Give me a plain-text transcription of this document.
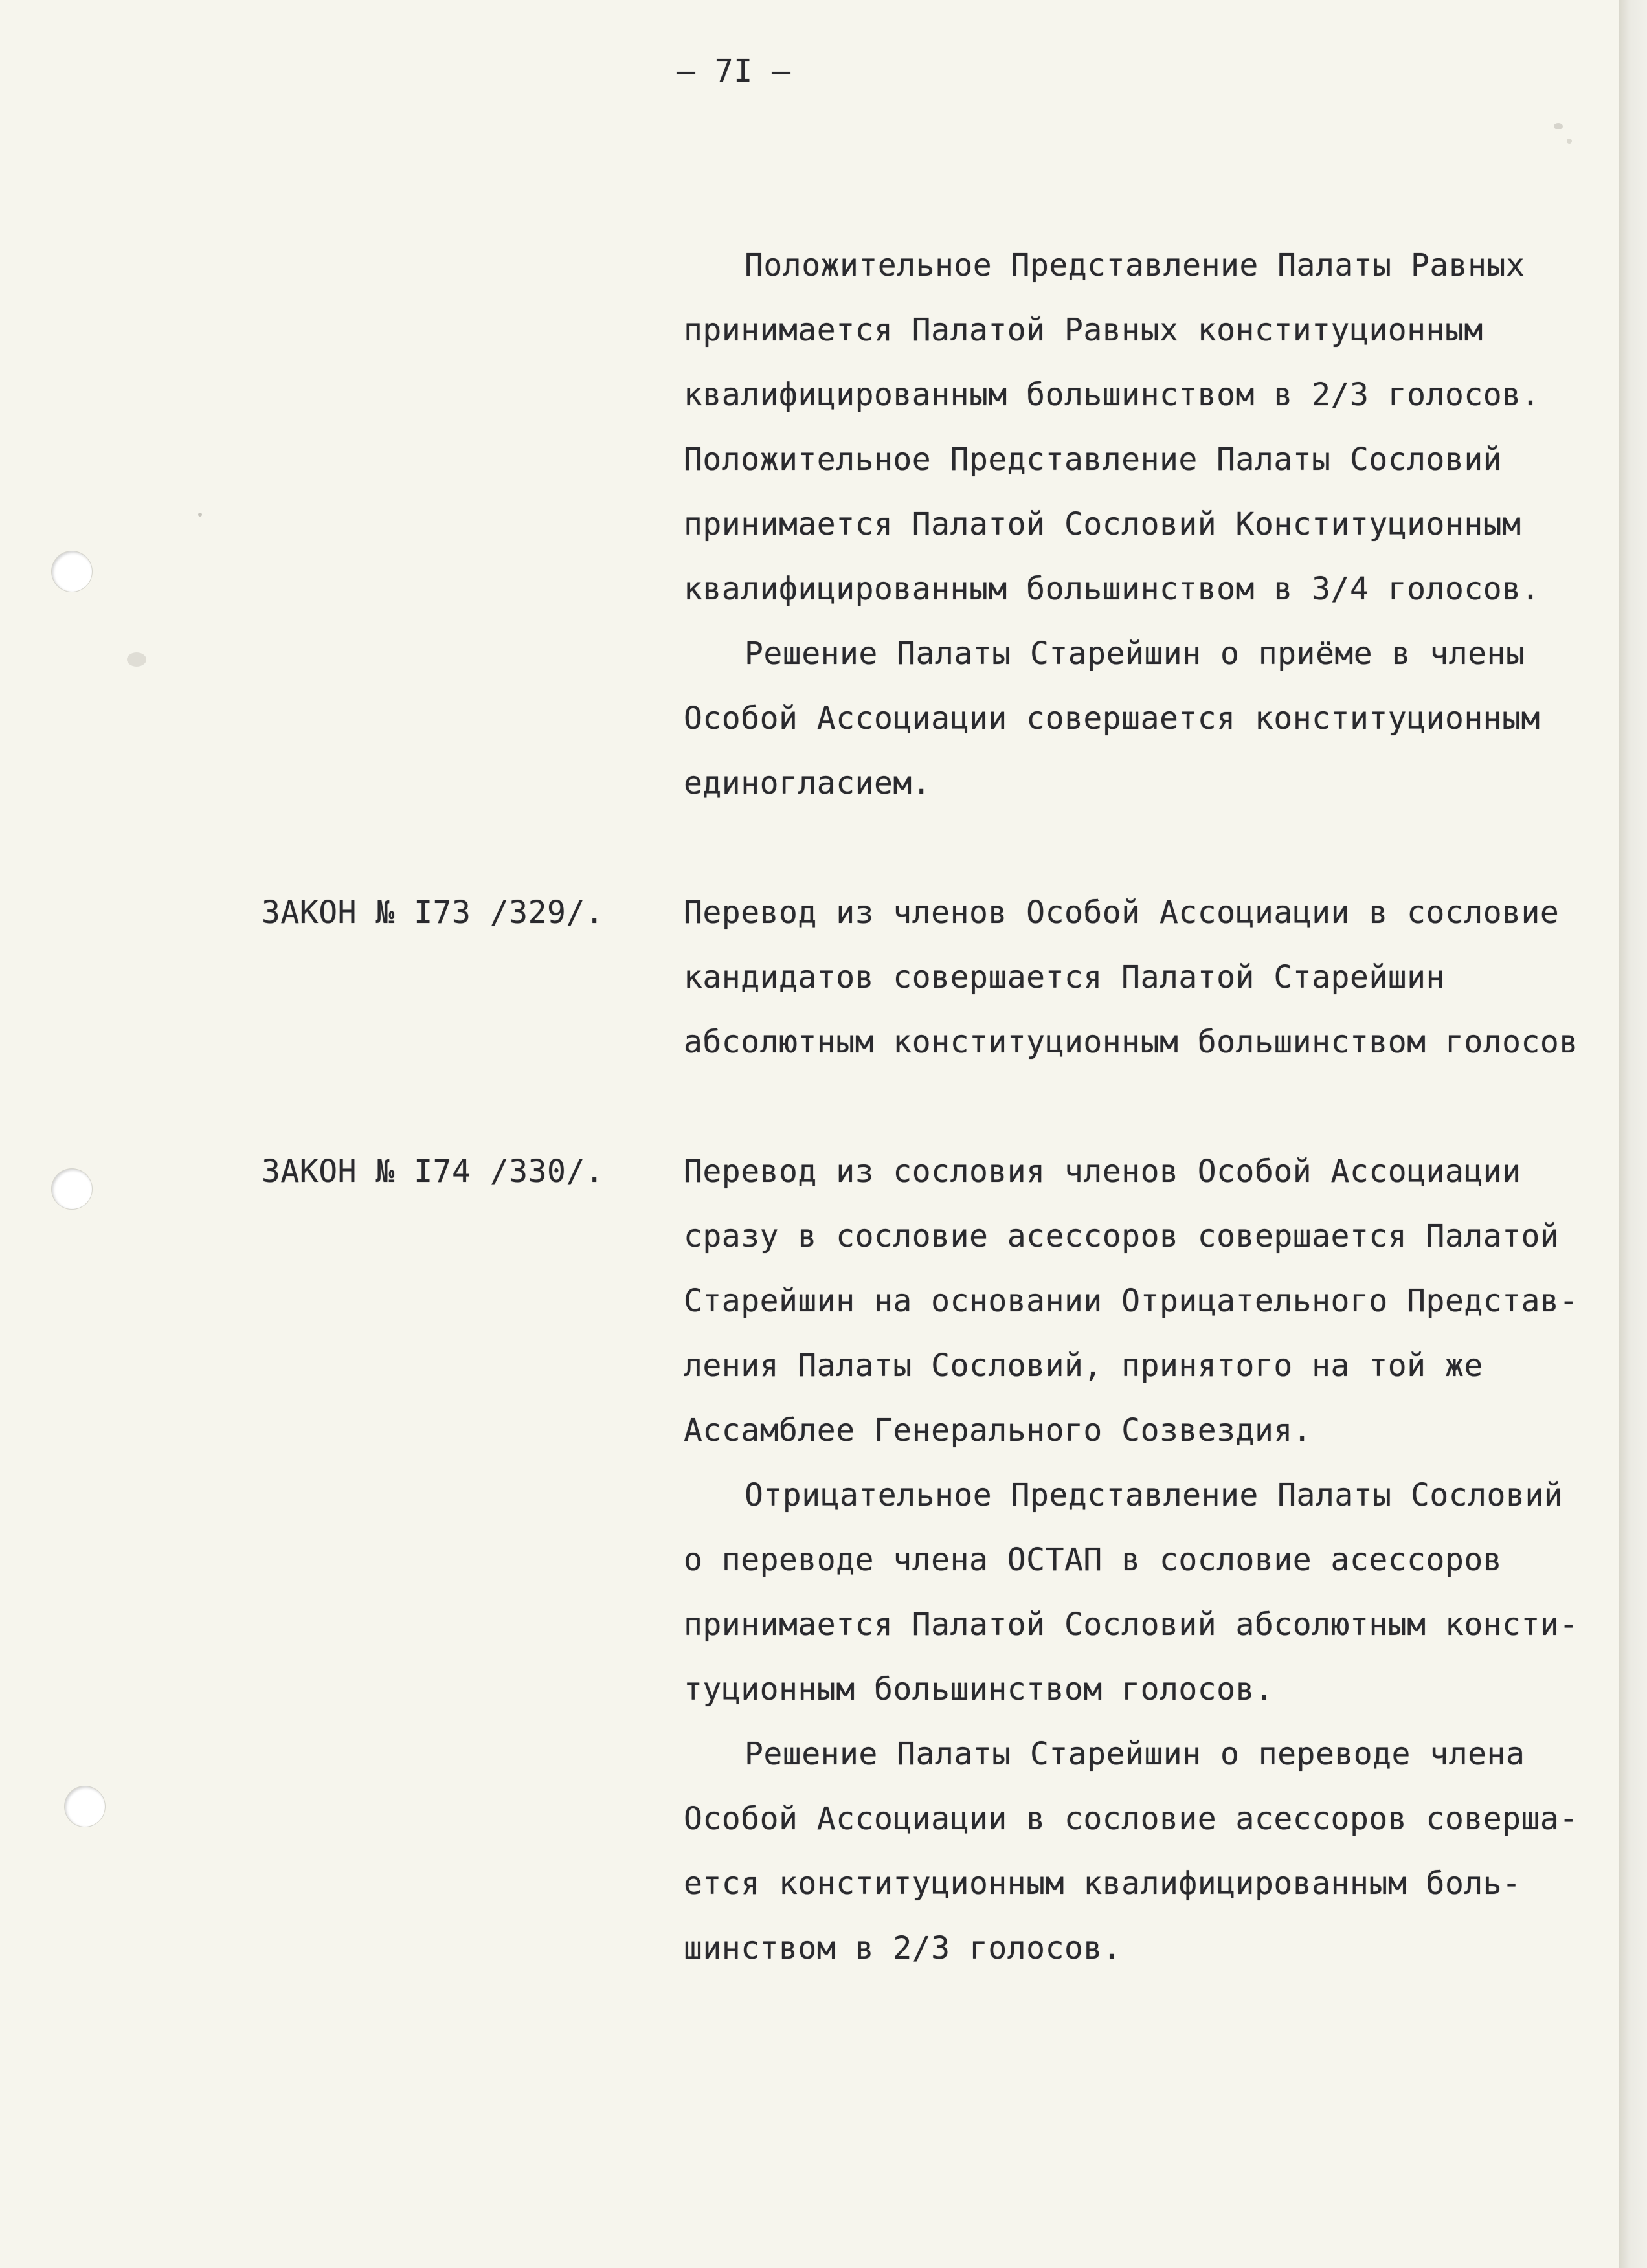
– 7I –
Положительное Представление Палаты Равных
принимается Палатой Равных конституционным
квалифицированным большинством в 2/3 голосов.
Положительное Представление Палаты Сословий
принимается Палатой Сословий Конституционным
квалифицированным большинством в 3/4 голосов.
Решение Палаты Старейшин о приёме в члены
Особой Ассоциации совершается конституционным
единогласием.
ЗАКОН № I73 /329/.	Перевод из членов Особой Ассоциации в сословие
кандидатов совершается Палатой Старейшин
абсолютным конституционным большинством голосов
ЗАКОН № I74 /330/.	Перевод из сословия членов Особой Ассоциации
сразу в сословие асессоров совершается Палатой
Старейшин на основании Отрицательного Представ-
ления Палаты Сословий, принятого на той же
Ассамблее Генерального Созвездия.
Отрицательное Представление Палаты Сословий
о переводе члена ОСТАП в сословие асессоров
принимается Палатой Сословий абсолютным консти-
туционным большинством голосов.
Решение Палаты Старейшин о переводе члена
Особой Ассоциации в сословие асессоров соверша-
ется конституционным квалифицированным боль-
шинством в 2/3 голосов.
